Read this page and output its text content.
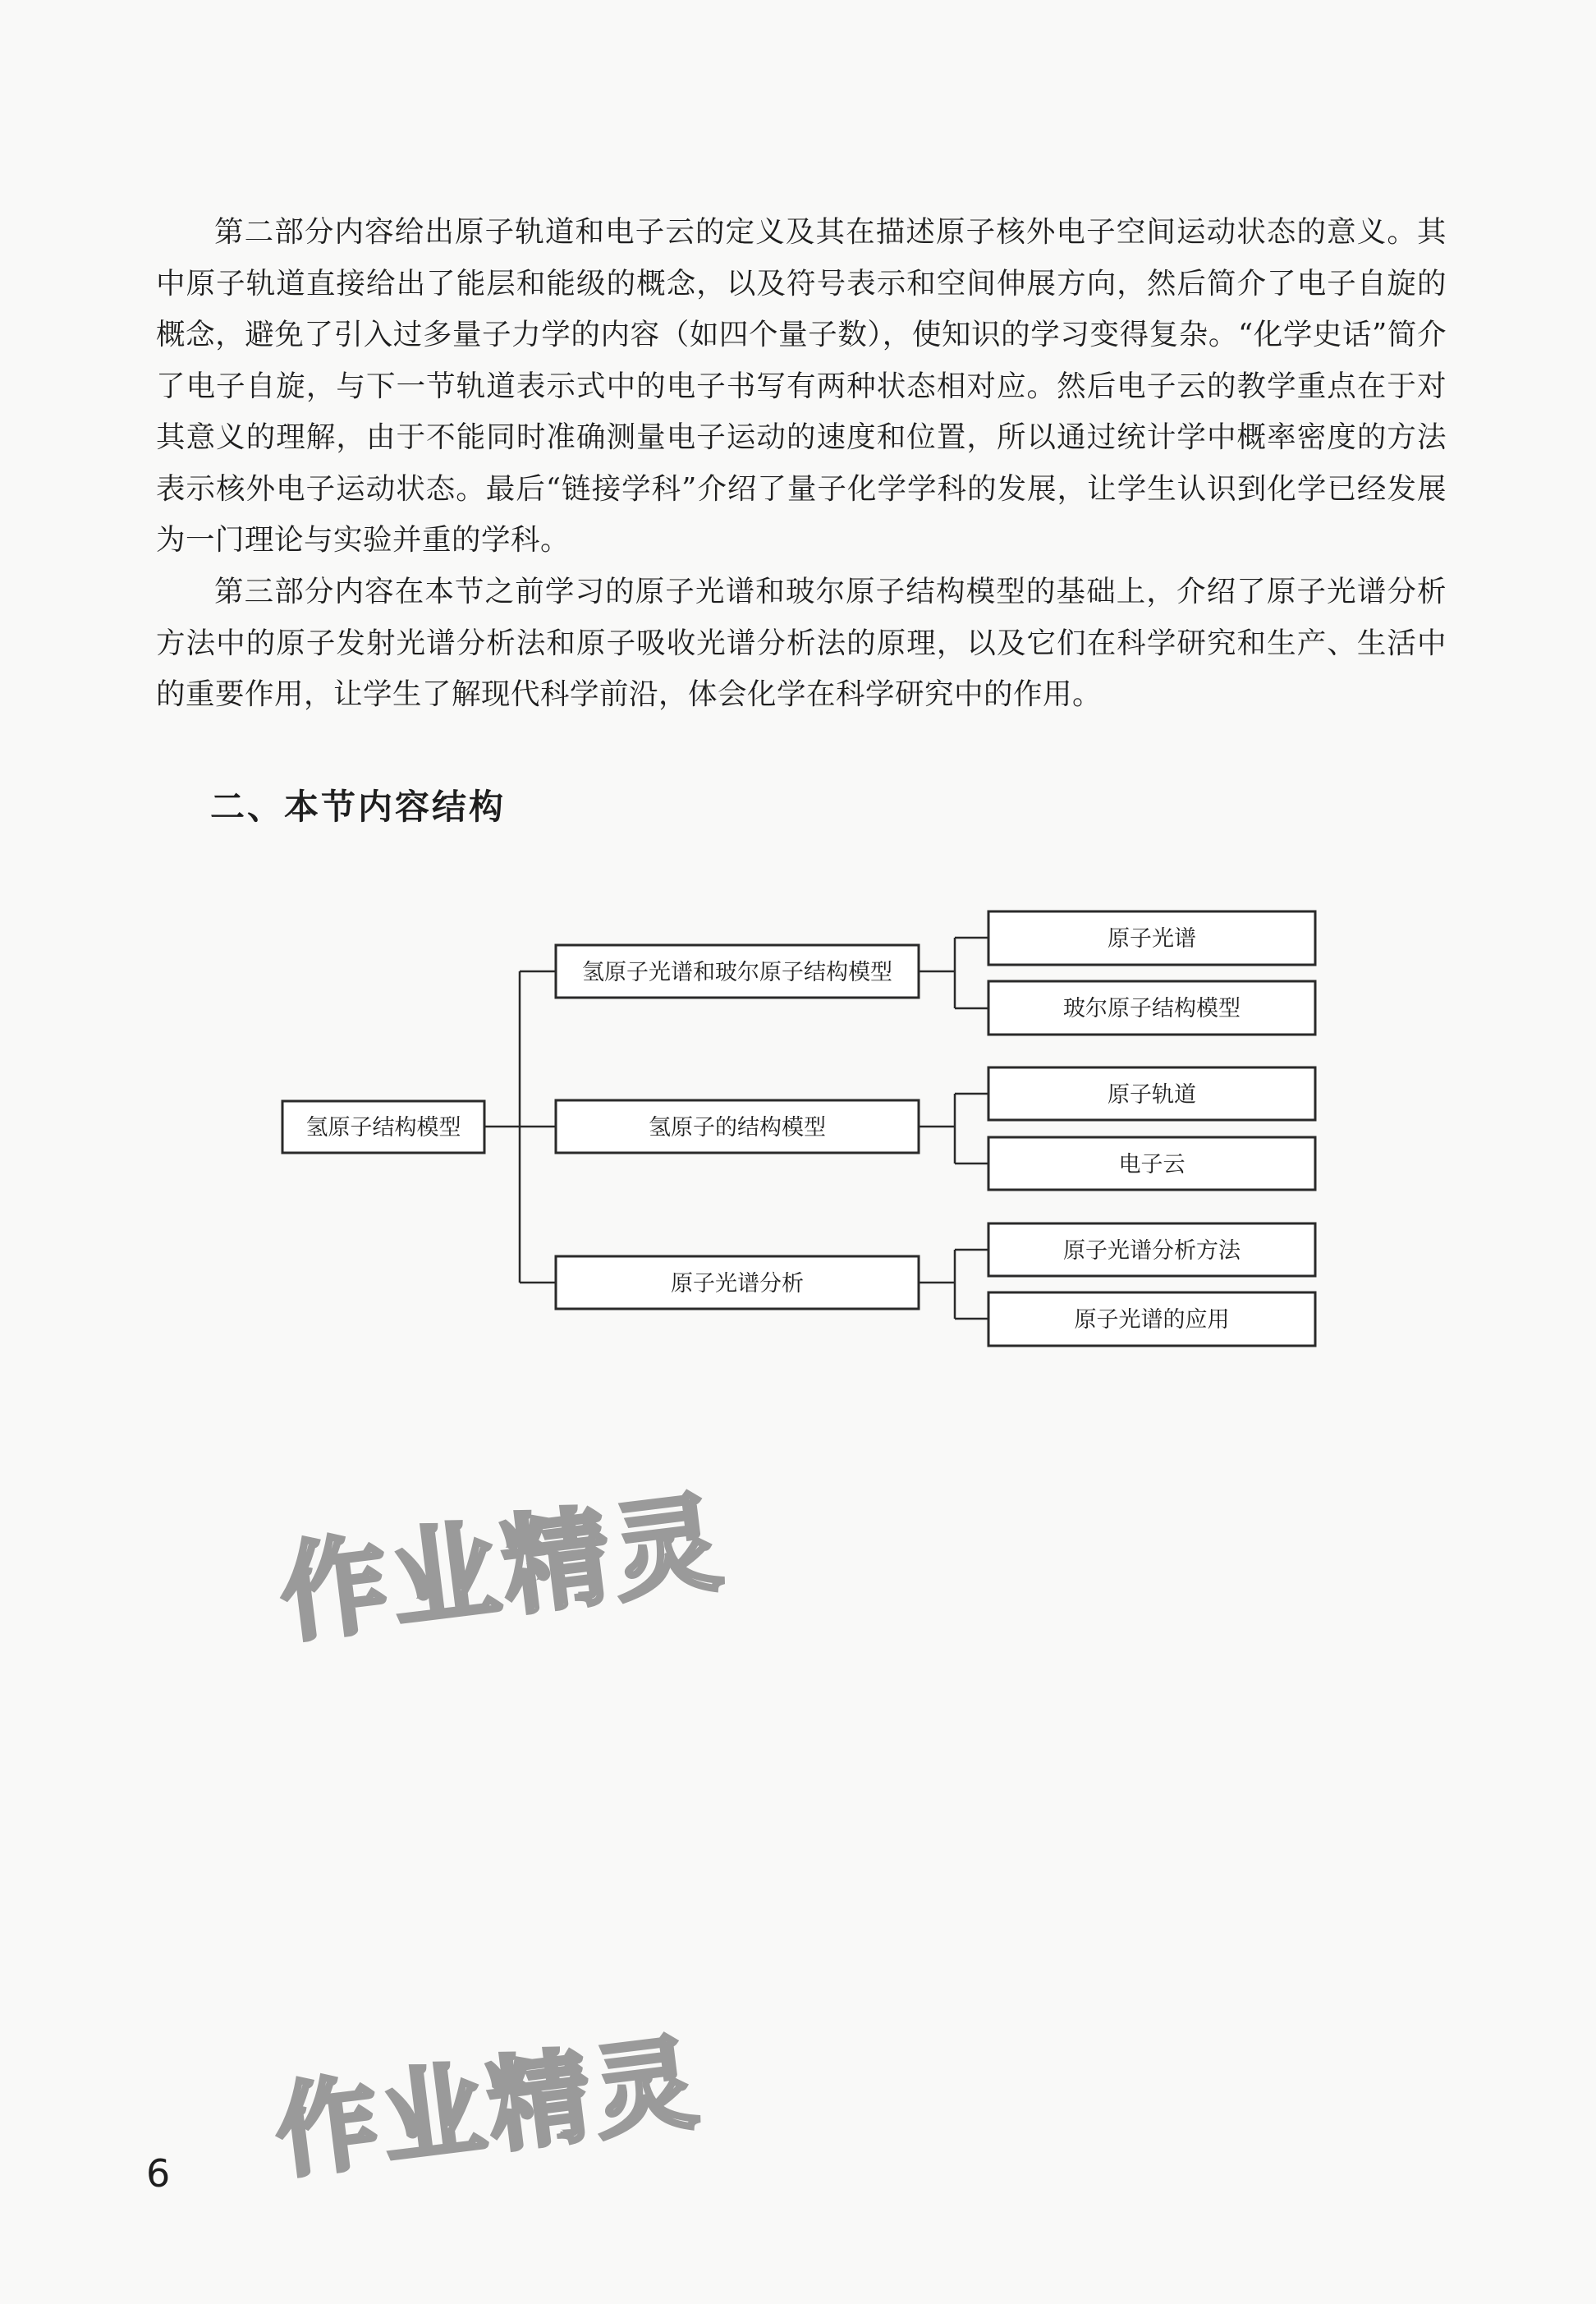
第二部分内容给出原子轨道和电子云的定义及其在描述原子核外电子空间运动状态的意义。其中原子轨道直接给出了能层和能级的概念，以及符号表示和空间伸展方向，然后简介了电子自旋的概念，避免了引入过多量子力学的内容（如四个量子数），使知识的学习变得复杂。“化学史话”简介了电子自旋，与下一节轨道表示式中的电子书写有两种状态相对应。然后电子云的教学重点在于对其意义的理解，由于不能同时准确测量电子运动的速度和位置，所以通过统计学中概率密度的方法表示核外电子运动状态。最后“链接学科”介绍了量子化学学科的发展，让学生认识到化学已经发展为一门理论与实验并重的学科。

第三部分内容在本节之前学习的原子光谱和玻尔原子结构模型的基础上，介绍了原子光谱分析方法中的原子发射光谱分析法和原子吸收光谱分析法的原理，以及它们在科学研究和生产、生活中的重要作用，让学生了解现代科学前沿，体会化学在科学研究中的作用。

二、本节内容结构
氢原子结构模型
氢原子光谱和玻尔原子结构模型
原子光谱
玻尔原子结构模型
氢原子的结构模型
原子轨道
电子云
原子光谱分析
原子光谱分析方法
原子光谱的应用
作业精灵
作业精灵
6
